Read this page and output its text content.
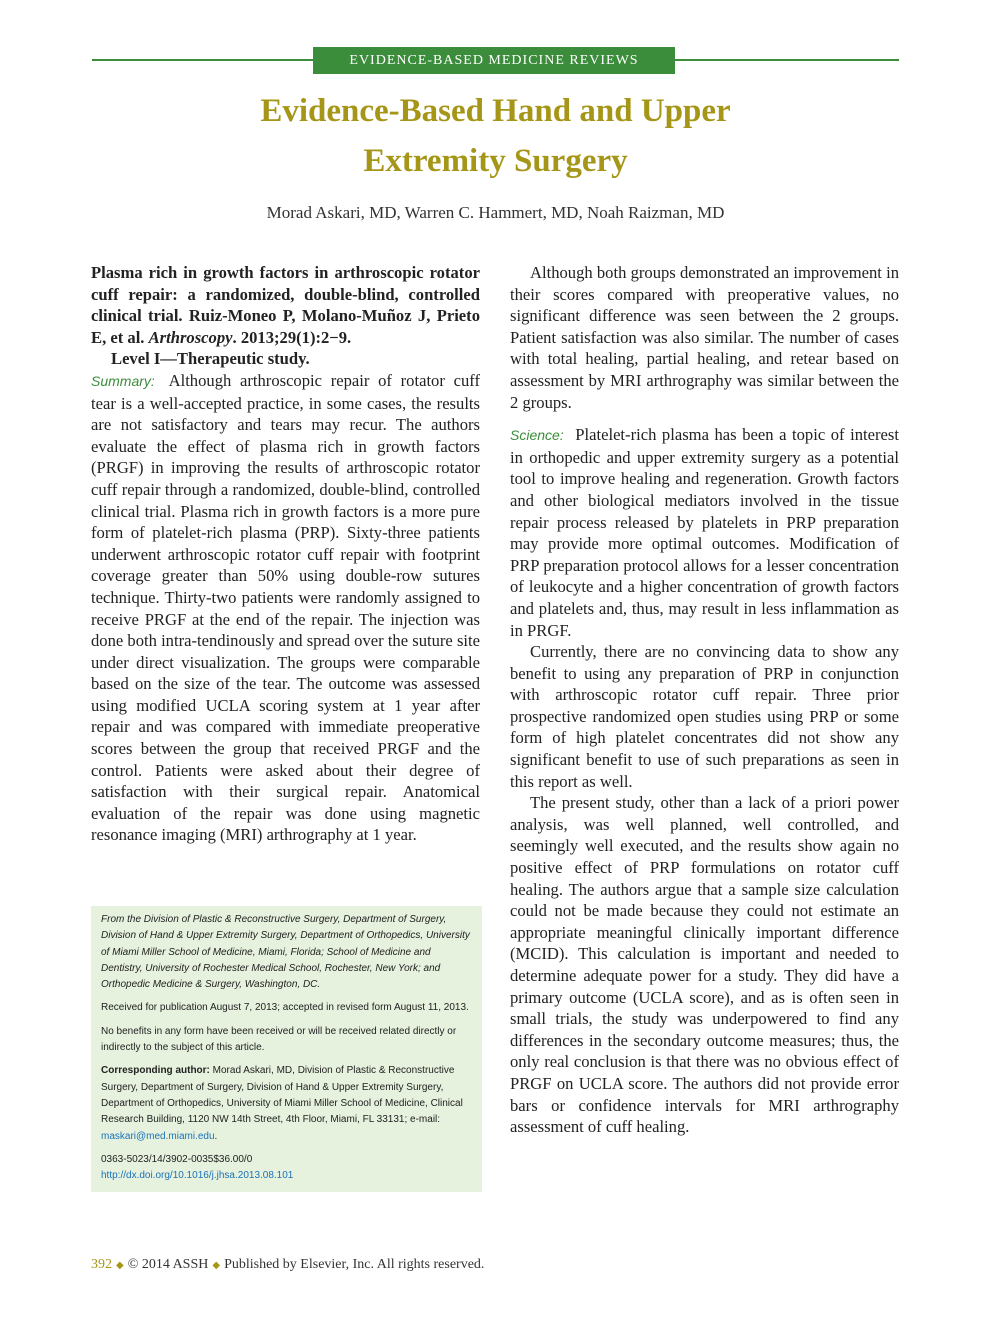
EVIDENCE-BASED MEDICINE REVIEWS
Evidence-Based Hand and Upper
Extremity Surgery
Morad Askari, MD, Warren C. Hammert, MD, Noah Raizman, MD

Plasma rich in growth factors in arthroscopic rotator cuff repair: a randomized, double-blind, controlled clinical trial. Ruiz-Moneo P, Molano-Muñoz J, Prieto E, et al. Arthroscopy. 2013;29(1):2−9.
Level I—Therapeutic study.

Summary: Although arthroscopic repair of rotator cuff tear is a well-accepted practice, in some cases, the results are not satisfactory and tears may recur. The authors evaluate the effect of plasma rich in growth factors (PRGF) in improving the results of arthroscopic rotator cuff repair through a randomized, double-blind, controlled clinical trial. Plasma rich in growth factors is a more pure form of platelet-rich plasma (PRP). Sixty-three patients underwent arthroscopic rotator cuff repair with footprint coverage greater than 50% using double-row sutures technique. Thirty-two patients were randomly assigned to receive PRGF at the end of the repair. The injection was done both intra-tendinously and spread over the suture site under direct visualization. The groups were comparable based on the size of the tear. The outcome was assessed using modified UCLA scoring system at 1 year after repair and was compared with immediate preoperative scores between the group that received PRGF and the control. Patients were asked about their degree of satisfaction with their surgical repair. Anatomical evaluation of the repair was done using magnetic resonance imaging (MRI) arthrography at 1 year.

From the Division of Plastic & Reconstructive Surgery, Department of Surgery, Division of Hand & Upper Extremity Surgery, Department of Orthopedics, University of Miami Miller School of Medicine, Miami, Florida; School of Medicine and Dentistry, University of Rochester Medical School, Rochester, New York; and Orthopedic Medicine & Surgery, Washington, DC.

Received for publication August 7, 2013; accepted in revised form August 11, 2013.

No benefits in any form have been received or will be received related directly or indirectly to the subject of this article.

Corresponding author: Morad Askari, MD, Division of Plastic & Reconstructive Surgery, Department of Surgery, Division of Hand & Upper Extremity Surgery, Department of Orthopedics, University of Miami Miller School of Medicine, Clinical Research Building, 1120 NW 14th Street, 4th Floor, Miami, FL 33131; e-mail: maskari@med.miami.edu.

0363-5023/14/3902-0035$36.00/0
http://dx.doi.org/10.1016/j.jhsa.2013.08.101

Although both groups demonstrated an improvement in their scores compared with preoperative values, no significant difference was seen between the 2 groups. Patient satisfaction was also similar. The number of cases with total healing, partial healing, and retear based on assessment by MRI arthrography was similar between the 2 groups.

Science: Platelet-rich plasma has been a topic of interest in orthopedic and upper extremity surgery as a potential tool to improve healing and regeneration. Growth factors and other biological mediators involved in the tissue repair process released by platelets in PRP preparation may provide more optimal outcomes. Modification of PRP preparation protocol allows for a lesser concentration of leukocyte and a higher concentration of growth factors and platelets and, thus, may result in less inflammation as in PRGF.

Currently, there are no convincing data to show any benefit to using any preparation of PRP in conjunction with arthroscopic rotator cuff repair. Three prior prospective randomized open studies using PRP or some form of high platelet concentrates did not show any significant benefit to use of such preparations as seen in this report as well.

The present study, other than a lack of a priori power analysis, was well planned, well controlled, and seemingly well executed, and the results show again no positive effect of PRP formulations on rotator cuff healing. The authors argue that a sample size calculation could not be made because they could not estimate an appropriate meaningful clinically important difference (MCID). This calculation is important and needed to determine adequate power for a study. They did have a primary outcome (UCLA score), and as is often seen in small trials, the study was underpowered to find any differences in the secondary outcome measures; thus, the only real conclusion is that there was no obvious effect of PRGF on UCLA score. The authors did not provide error bars or confidence intervals for MRI arthrography assessment of cuff healing.

392 ◆ © 2014 ASSH ◆ Published by Elsevier, Inc. All rights reserved.
